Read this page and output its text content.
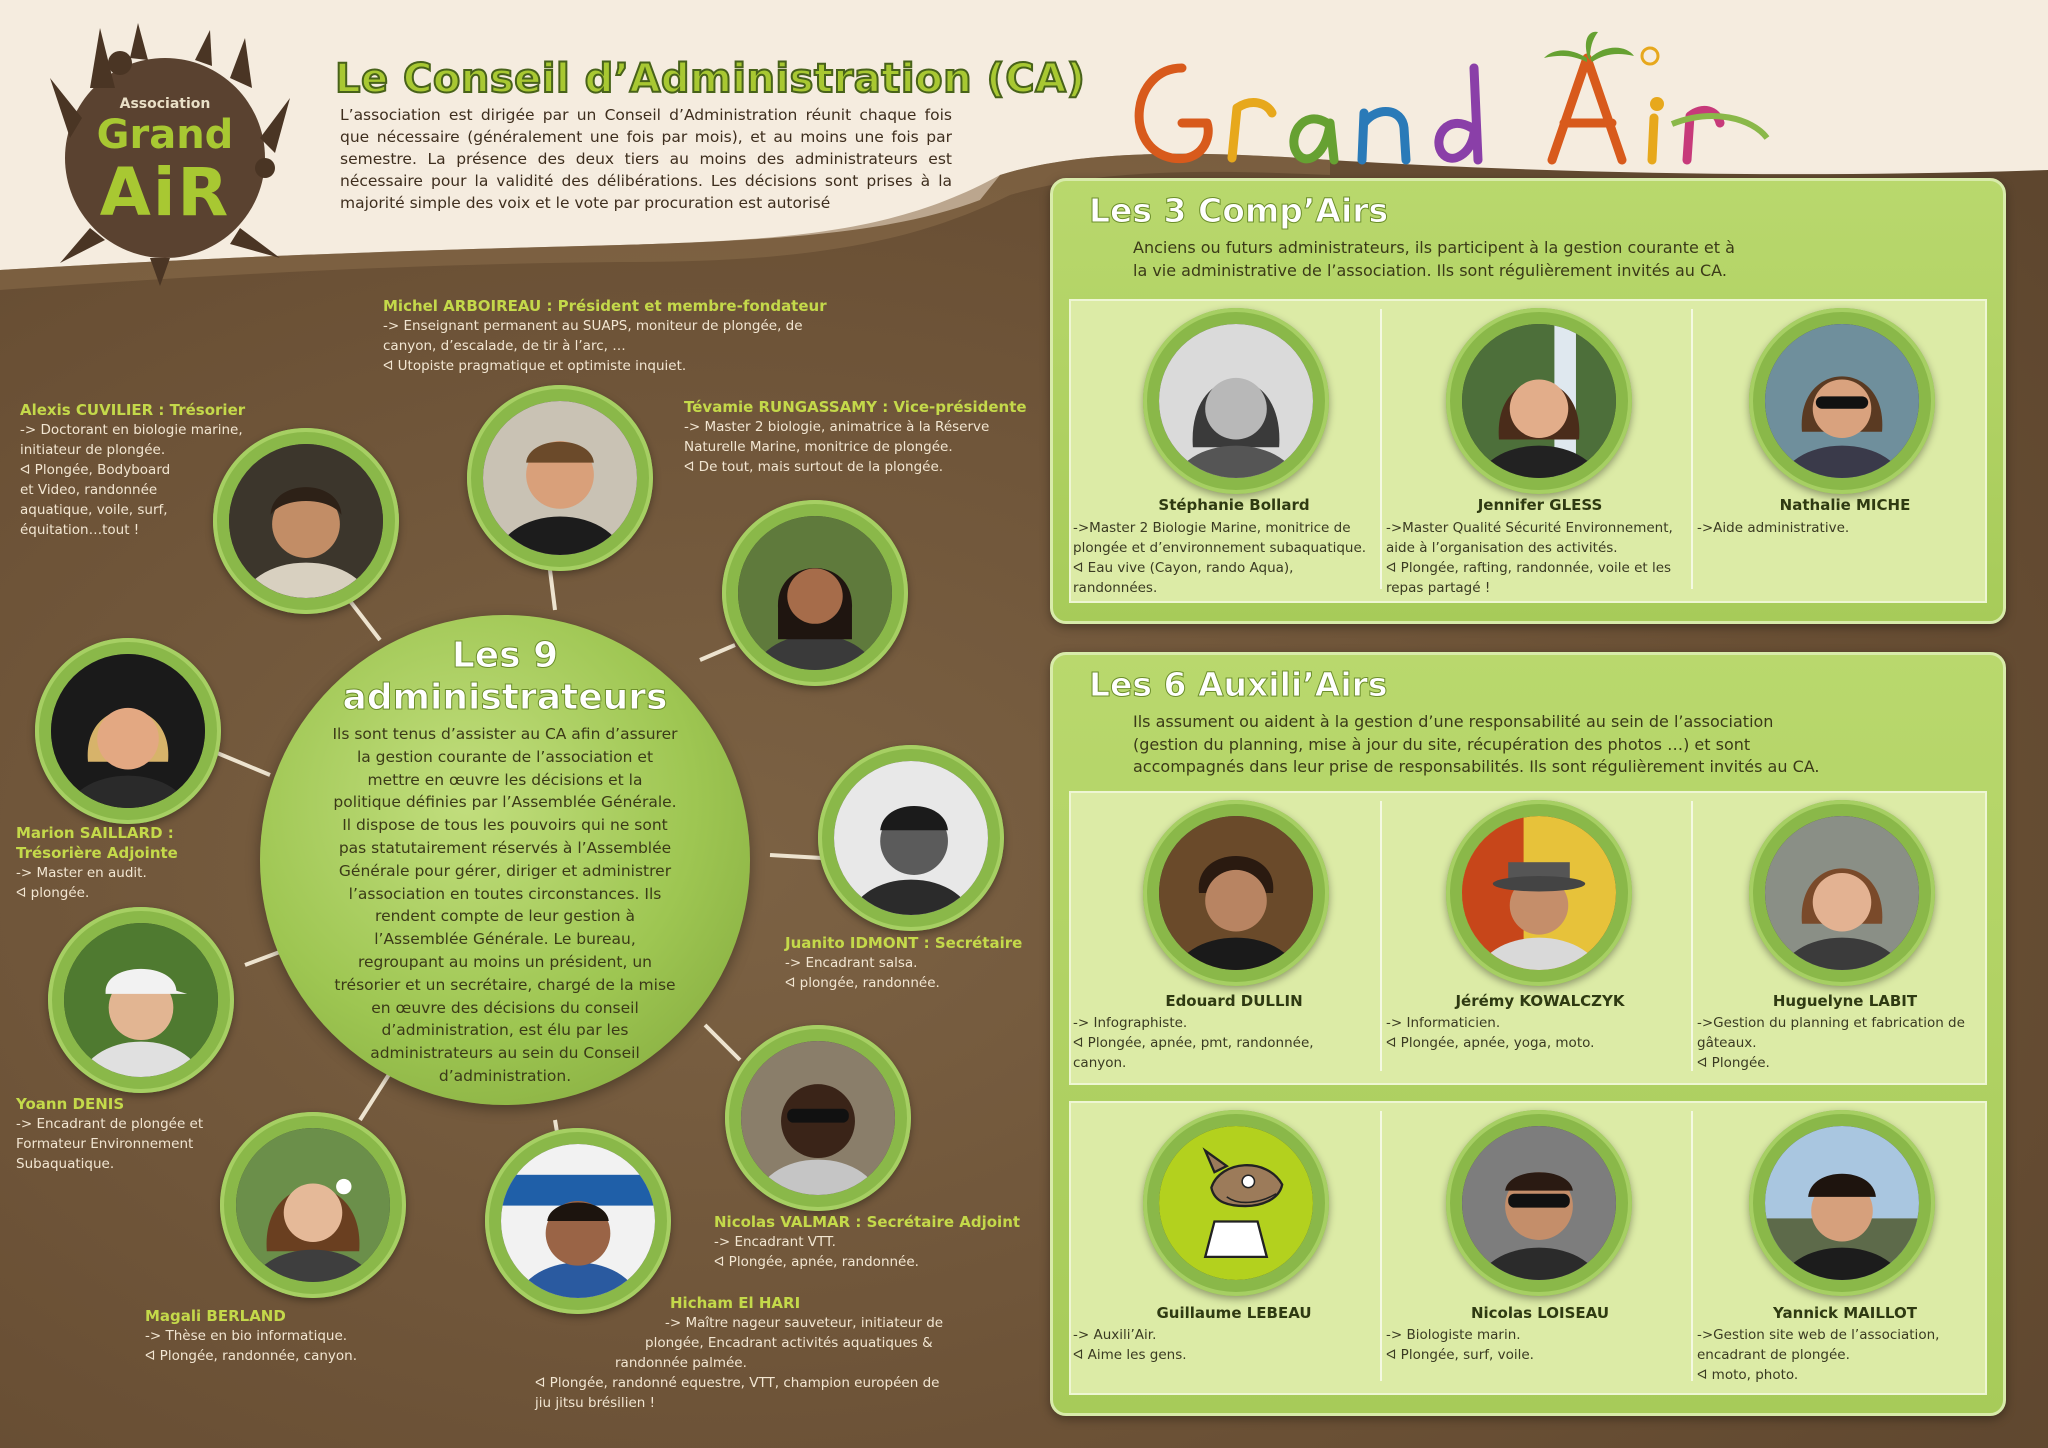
Association
Grand
AiR
Le Conseil d’Administration (CA)
L’association est dirigée par un Conseil d’Administration réunit chaque fois que nécessaire (généralement une fois par mois), et au moins une fois par semestre. La présence des deux tiers au moins des administrateurs est nécessaire pour la validité des délibérations. Les décisions sont prises à la majorité simple des voix et le vote par procuration est autorisé
Les 9
administrateurs
Ils sont tenus d’assister au CA afin d’assurer la gestion courante de l’association et mettre en œuvre les décisions et la politique définies par l’Assemblée Générale. Il dispose de tous les pouvoirs qui ne sont pas statutairement réservés à l’Assemblée Générale pour gérer, diriger et administrer l’association en toutes circonstances. Ils rendent compte de leur gestion à l’Assemblée Générale. Le bureau, regroupant au moins un président, un trésorier et un secrétaire, chargé de la mise en œuvre des décisions du conseil d’administration, est élu par les administrateurs au sein du Conseil d’administration.
Michel ARBOIREAU : Président et membre-fondateur
-> Enseignant permanent au SUAPS, moniteur de plongée, de
canyon, d’escalade, de tir à l’arc, …
ᐊ Utopiste pragmatique et optimiste inquiet.
Tévamie RUNGASSAMY : Vice-présidente
-> Master 2 biologie, animatrice à la Réserve
Naturelle Marine, monitrice de plongée.
ᐊ De tout, mais surtout de la plongée.
Alexis CUVILIER : Trésorier
-> Doctorant en biologie marine,
initiateur de plongée.
ᐊ Plongée, Bodyboard
et Video, randonnée
aquatique, voile, surf,
équitation…tout !
Marion SAILLARD :
Trésorière Adjointe
-> Master en audit.
ᐊ plongée.
Juanito IDMONT : Secrétaire
-> Encadrant salsa.
ᐊ plongée, randonnée.
Yoann DENIS
-> Encadrant de plongée et
Formateur Environnement
Subaquatique.
Nicolas VALMAR : Secrétaire Adjoint
-> Encadrant VTT.
ᐊ Plongée, apnée, randonnée.
Hicham El HARI
-> Maître nageur sauveteur, initiateur de
plongée, Encadrant activités aquatiques &
randonnée palmée.
ᐊ Plongée, randonné equestre, VTT, champion européen de
jiu jitsu brésilien !
Magali BERLAND
-> Thèse en bio informatique.
ᐊ Plongée, randonnée, canyon.
Les 3 Comp’Airs
Anciens ou futurs administrateurs, ils participent à la gestion courante et à la vie administrative de l’association. Ils sont régulièrement invités au CA.
Stéphanie Bollard
->Master 2 Biologie Marine, monitrice de
plongée et d’environnement subaquatique.
ᐊ Eau vive (Cayon, rando Aqua),
randonnées.
Jennifer GLESS
->Master Qualité Sécurité Environnement,
aide à l’organisation des activités.
ᐊ Plongée, rafting, randonnée, voile et les
repas partagé !
Nathalie MICHE
->Aide administrative.
Les 6 Auxili’Airs
Ils assument ou aident à la gestion d’une responsabilité au sein de l’association (gestion du planning, mise à jour du site, récupération des photos …) et sont accompagnés dans leur prise de responsabilités. Ils sont régulièrement invités au CA.
Edouard DULLIN
-> Infographiste.
ᐊ Plongée, apnée, pmt, randonnée,
canyon.
Jérémy KOWALCZYK
-> Informaticien.
ᐊ Plongée, apnée, yoga, moto.
Huguelyne LABIT
->Gestion du planning et fabrication de
gâteaux.
ᐊ Plongée.
Guillaume LEBEAU
-> Auxili’Air.
ᐊ Aime les gens.
Nicolas LOISEAU
-> Biologiste marin.
ᐊ Plongée, surf, voile.
Yannick MAILLOT
->Gestion site web de l’association,
encadrant de plongée.
ᐊ moto, photo.
